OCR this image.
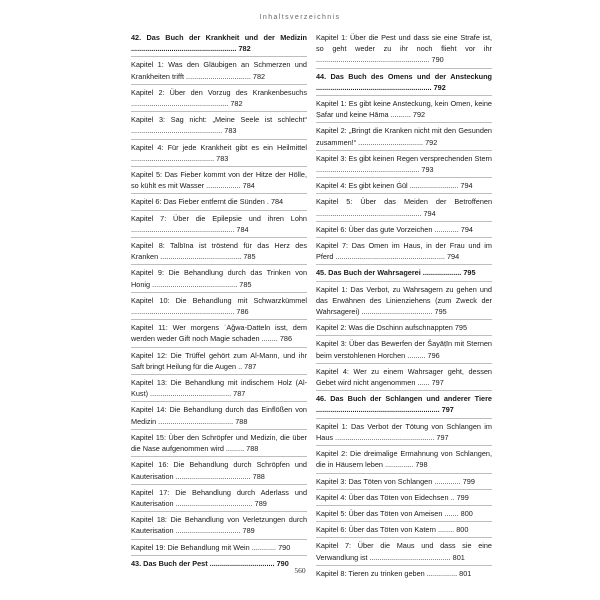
Inhaltsverzeichnis
42. Das Buch der Krankheit und der Medizin .................................................... 782
Kapitel 1: Was den Gläubigen an Schmerzen und Krankheiten trifft ................................ 782
Kapitel 2: Über den Vorzug des Krankenbesuchs ................................................ 782
Kapitel 3: Sag nicht: „Meine Seele ist schlecht“ ............................................. 783
Kapitel 4: Für jede Krankheit gibt es ein Heilmittel ......................................... 783
Kapitel 5: Das Fieber kommt von der Hitze der Hölle, so kühlt es mit Wasser ................. 784
Kapitel 6: Das Fieber entfernt die Sünden . 784
Kapitel 7: Über die Epilepsie und ihren Lohn ................................................... 784
Kapitel 8: Talbīna ist tröstend für das Herz des Kranken ........................................ 785
Kapitel 9: Die Behandlung durch das Trinken von Honig .......................................... 785
Kapitel 10: Die Behandlung mit Schwarzkümmel ................................................... 786
Kapitel 11: Wer morgens ʿAǧwa-Datteln isst, dem werden weder Gift noch Magie schaden ........ 786
Kapitel 12: Die Trüffel gehört zum Al-Mann, und ihr Saft bringt Heilung für die Augen .. 787
Kapitel 13: Die Behandlung mit indischem Holz (Al-Kust) ........................................ 787
Kapitel 14: Die Behandlung durch das Einflößen von Medizin ..................................... 788
Kapitel 15: Über den Schröpfer und Medizin, die über die Nase aufgenommen wird ......... 788
Kapitel 16: Die Behandlung durch Schröpfen und Kauterisation ..................................... 788
Kapitel 17: Die Behandlung durch Aderlass und Kauterisation ...................................... 789
Kapitel 18: Die Behandlung von Verletzungen durch Kauterisation ................................ 789
Kapitel 19: Die Behandlung mit Wein ............ 790
43. Das Buch der Pest ................................ 790
Kapitel 1: Über die Pest und dass sie eine Strafe ist, so geht weder zu ihr noch flieht vor ihr ........................................................ 790
44. Das Buch des Omens und der Ansteckung ......................................................... 792
Kapitel 1: Es gibt keine Ansteckung, kein Omen, keine Ṣafar und keine Hāma .......... 792
Kapitel 2: „Bringt die Kranken nicht mit den Gesunden zusammen!“ ................................ 792
Kapitel 3: Es gibt keinen Regen versprechenden Stern ................................................... 793
Kapitel 4: Es gibt keinen Ġūl ........................ 794
Kapitel 5: Über das Meiden der Betroffenen .................................................... 794
Kapitel 6: Über das gute Vorzeichen ............ 794
Kapitel 7: Das Omen im Haus, in der Frau und im Pferd ...................................................... 794
45. Das Buch der Wahrsagerei ................... 795
Kapitel 1: Das Verbot, zu Wahrsagern zu gehen und das Erwähnen des Linienziehens (zum Zweck der Wahrsagerei) ................................... 795
Kapitel 2: Was die Dschinn aufschnappten 795
Kapitel 3: Über das Bewerfen der Šayāṭīn mit Sternen beim verstohlenen Horchen ......... 796
Kapitel 4: Wer zu einem Wahrsager geht, dessen Gebet wird nicht angenommen ...... 797
46. Das Buch der Schlangen und anderer Tiere ............................................................. 797
Kapitel 1: Das Verbot der Tötung von Schlangen im Haus ................................................. 797
Kapitel 2: Die dreimalige Ermahnung von Schlangen, die in Häusern leben .............. 798
Kapitel 3: Das Töten von Schlangen ............. 799
Kapitel 4: Über das Töten von Eidechsen .. 799
Kapitel 5: Über das Töten von Ameisen ....... 800
Kapitel 6: Über das Töten von Katern ........ 800
Kapitel 7: Über die Maus und dass sie eine Verwandlung ist ........................................ 801
Kapitel 8: Tieren zu trinken geben ............... 801
560
